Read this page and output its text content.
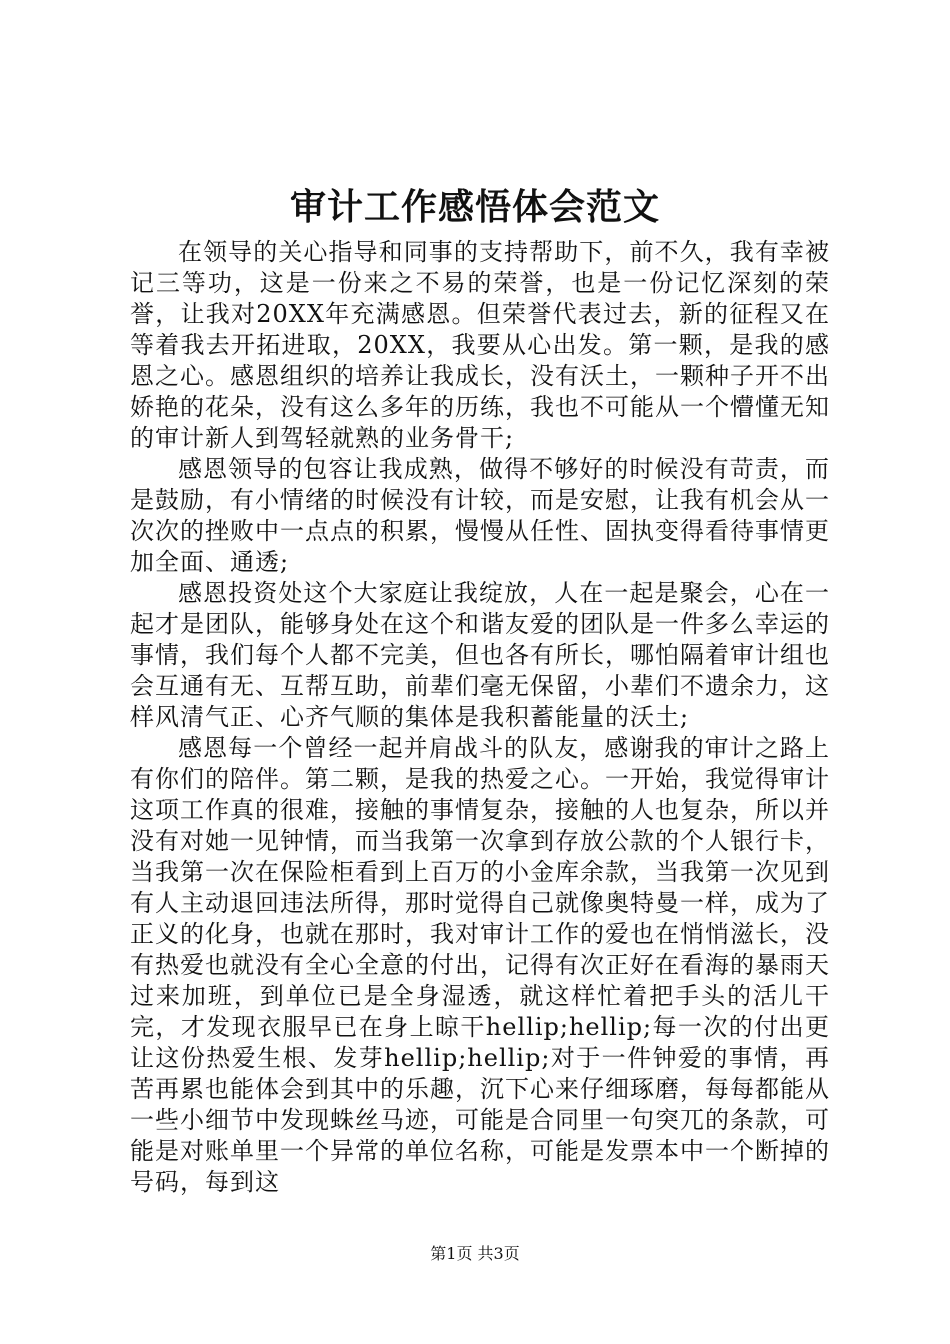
审计工作感悟体会范文

在领导的关心指导和同事的支持帮助下，前不久，我有幸被记三等功，这是一份来之不易的荣誉，也是一份记忆深刻的荣誉，让我对20XX年充满感恩。但荣誉代表过去，新的征程又在等着我去开拓进取，20XX，我要从心出发。第一颗，是我的感恩之心。感恩组织的培养让我成长，没有沃土，一颗种子开不出娇艳的花朵，没有这么多年的历练，我也不可能从一个懵懂无知的审计新人到驾轻就熟的业务骨干;

感恩领导的包容让我成熟，做得不够好的时候没有苛责，而是鼓励，有小情绪的时候没有计较，而是安慰，让我有机会从一次次的挫败中一点点的积累，慢慢从任性、固执变得看待事情更加全面、通透;

感恩投资处这个大家庭让我绽放，人在一起是聚会，心在一起才是团队，能够身处在这个和谐友爱的团队是一件多么幸运的事情，我们每个人都不完美，但也各有所长，哪怕隔着审计组也会互通有无、互帮互助，前辈们毫无保留，小辈们不遗余力，这样风清气正、心齐气顺的集体是我积蓄能量的沃土;

感恩每一个曾经一起并肩战斗的队友，感谢我的审计之路上有你们的陪伴。第二颗，是我的热爱之心。一开始，我觉得审计这项工作真的很难，接触的事情复杂，接触的人也复杂，所以并没有对她一见钟情，而当我第一次拿到存放公款的个人银行卡，当我第一次在保险柜看到上百万的小金库余款，当我第一次见到有人主动退回违法所得，那时觉得自己就像奥特曼一样，成为了正义的化身，也就在那时，我对审计工作的爱也在悄悄滋长，没有热爱也就没有全心全意的付出，记得有次正好在看海的暴雨天过来加班，到单位已是全身湿透，就这样忙着把手头的活儿干完，才发现衣服早已在身上晾干hellip;hellip;每一次的付出更让这份热爱生根、发芽hellip;hellip;对于一件钟爱的事情，再苦再累也能体会到其中的乐趣，沉下心来仔细琢磨，每每都能从一些小细节中发现蛛丝马迹，可能是合同里一句突兀的条款，可能是对账单里一个异常的单位名称，可能是发票本中一个断掉的号码，每到这

第1页 共3页
